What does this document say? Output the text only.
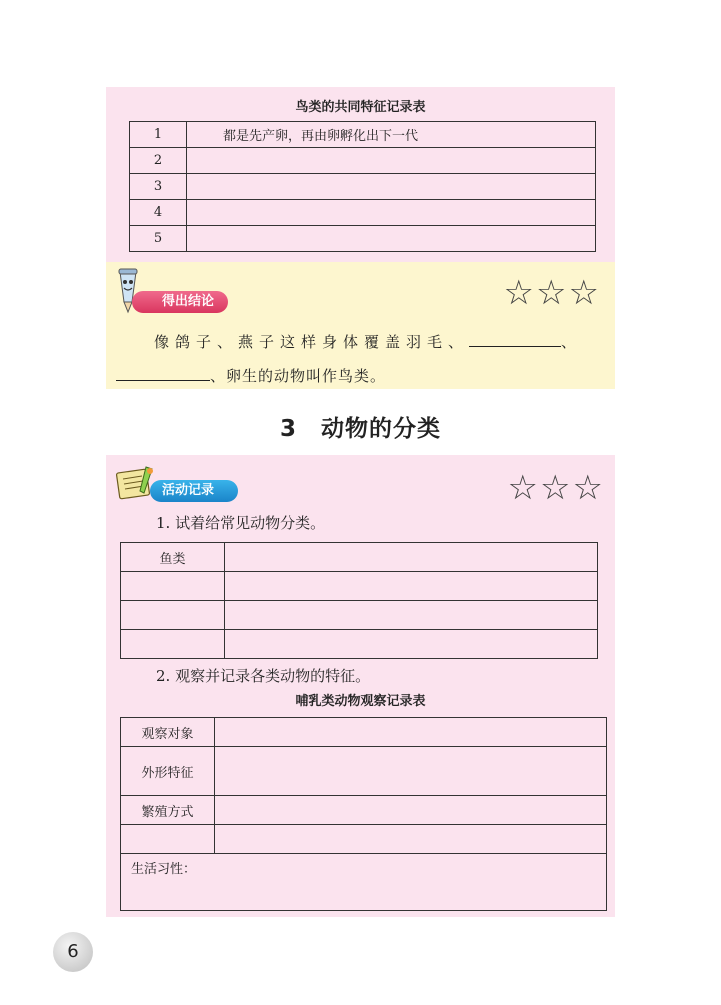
鸟类的共同特征记录表
1	都是先产卵，再由卵孵化出下一代
2	
3	
4	
5	
得出结论	☆☆☆
像鸽子、燕子这样身体覆盖羽毛、	、
、卵生的动物叫作鸟类。
3　动物的分类
活动记录	☆☆☆
1. 试着给常见动物分类。
鱼类	

2. 观察并记录各类动物的特征。
哺乳类动物观察记录表
观察对象	
外形特征	
繁殖方式	

生活习性：	
6
